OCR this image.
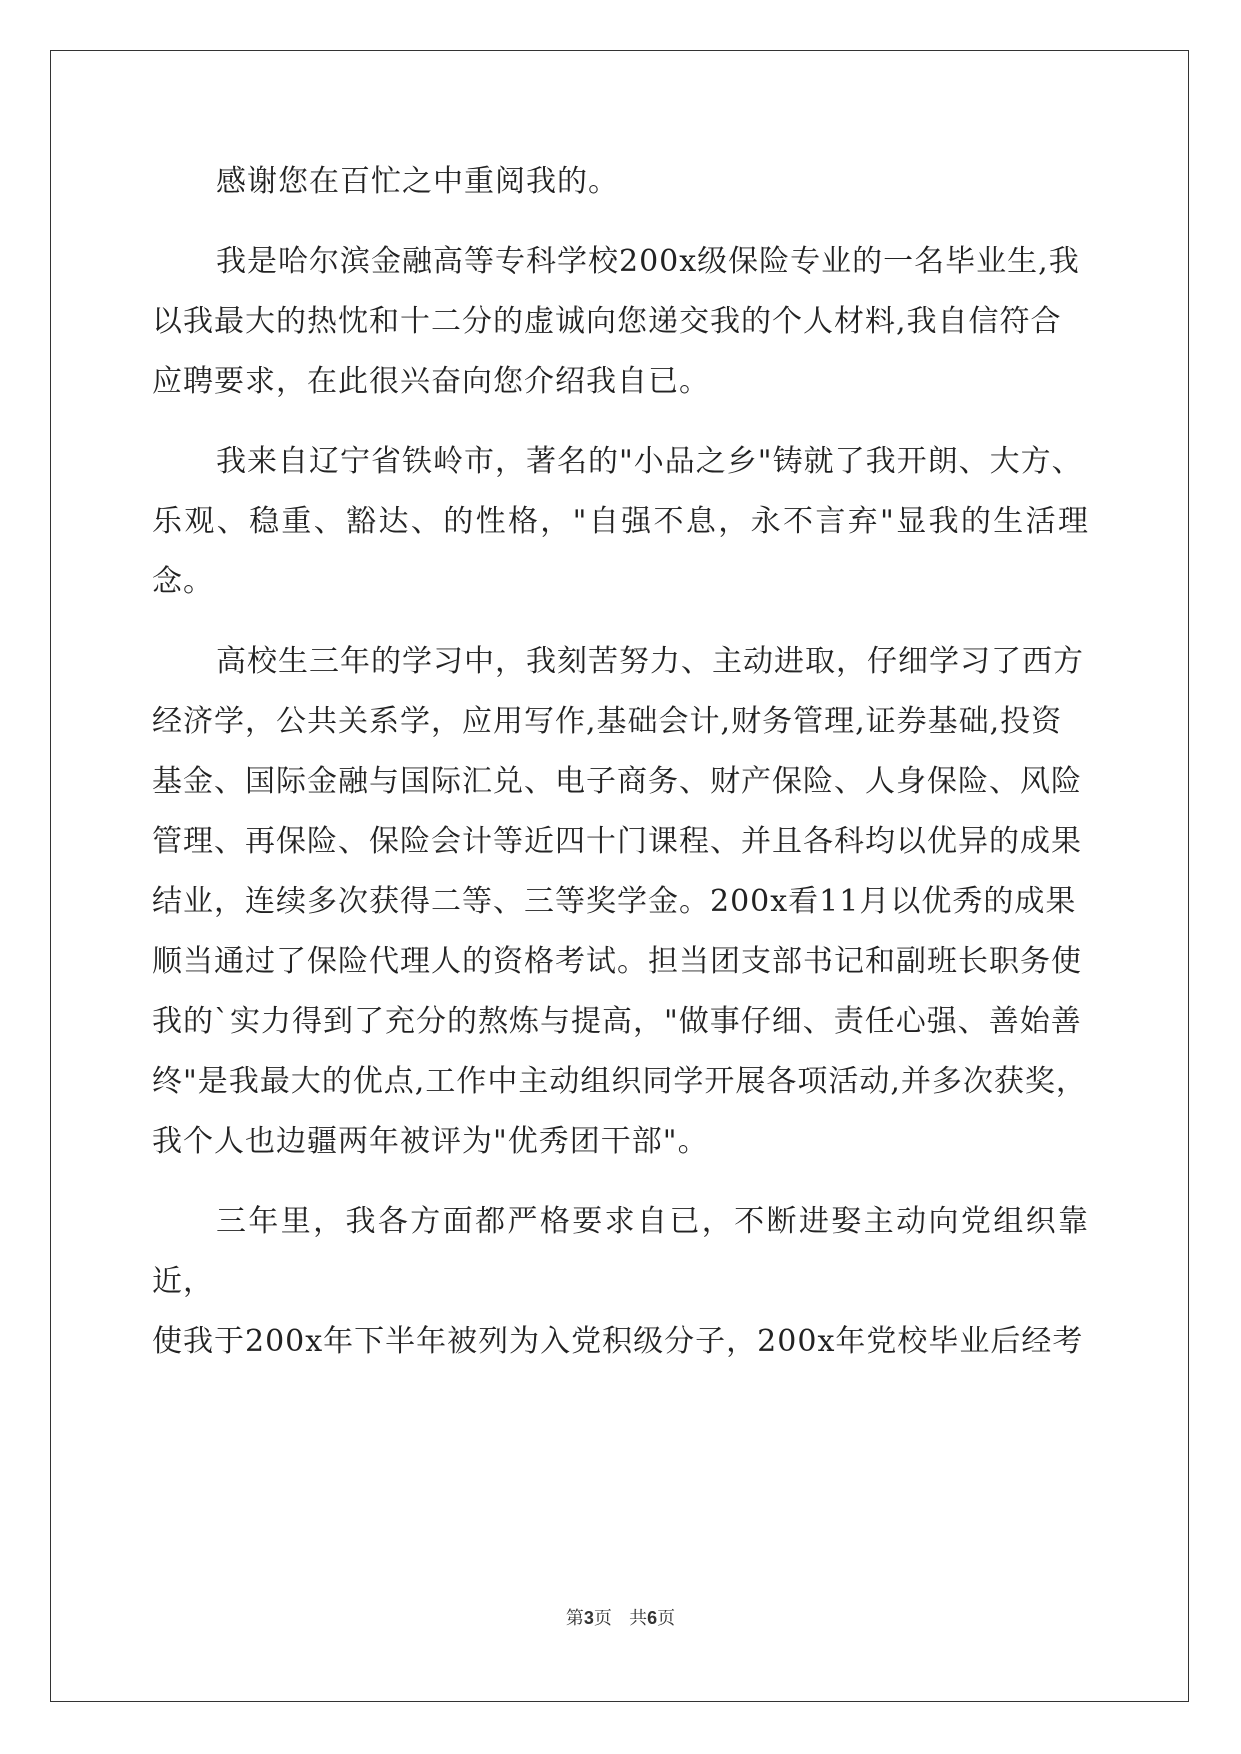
感谢您在百忙之中重阅我的。

我是哈尔滨金融高等专科学校200x级保险专业的一名毕业生,我
以我最大的热忱和十二分的虚诚向您递交我的个人材料,我自信符合
应聘要求，在此很兴奋向您介绍我自已。

我来自辽宁省铁岭市，著名的"小品之乡"铸就了我开朗、大方、
乐观、稳重、豁达、的性格，"自强不息，永不言弃"显我的生活理念。

高校生三年的学习中，我刻苦努力、主动进取，仔细学习了西方
经济学，公共关系学，应用写作,基础会计,财务管理,证券基础,投资
基金、国际金融与国际汇兑、电子商务、财产保险、人身保险、风险
管理、再保险、保险会计等近四十门课程、并且各科均以优异的成果
结业，连续多次获得二等、三等奖学金。200x看11月以优秀的成果
顺当通过了保险代理人的资格考试。担当团支部书记和副班长职务使
我的`实力得到了充分的熬炼与提高，"做事仔细、责任心强、善始善
终"是我最大的优点,工作中主动组织同学开展各项活动,并多次获奖，
我个人也边疆两年被评为"优秀团干部"。

三年里，我各方面都严格要求自已，不断进娶主动向党组织靠近，
使我于200x年下半年被列为入党积级分子，200x年党校毕业后经考

第3页 共6页
